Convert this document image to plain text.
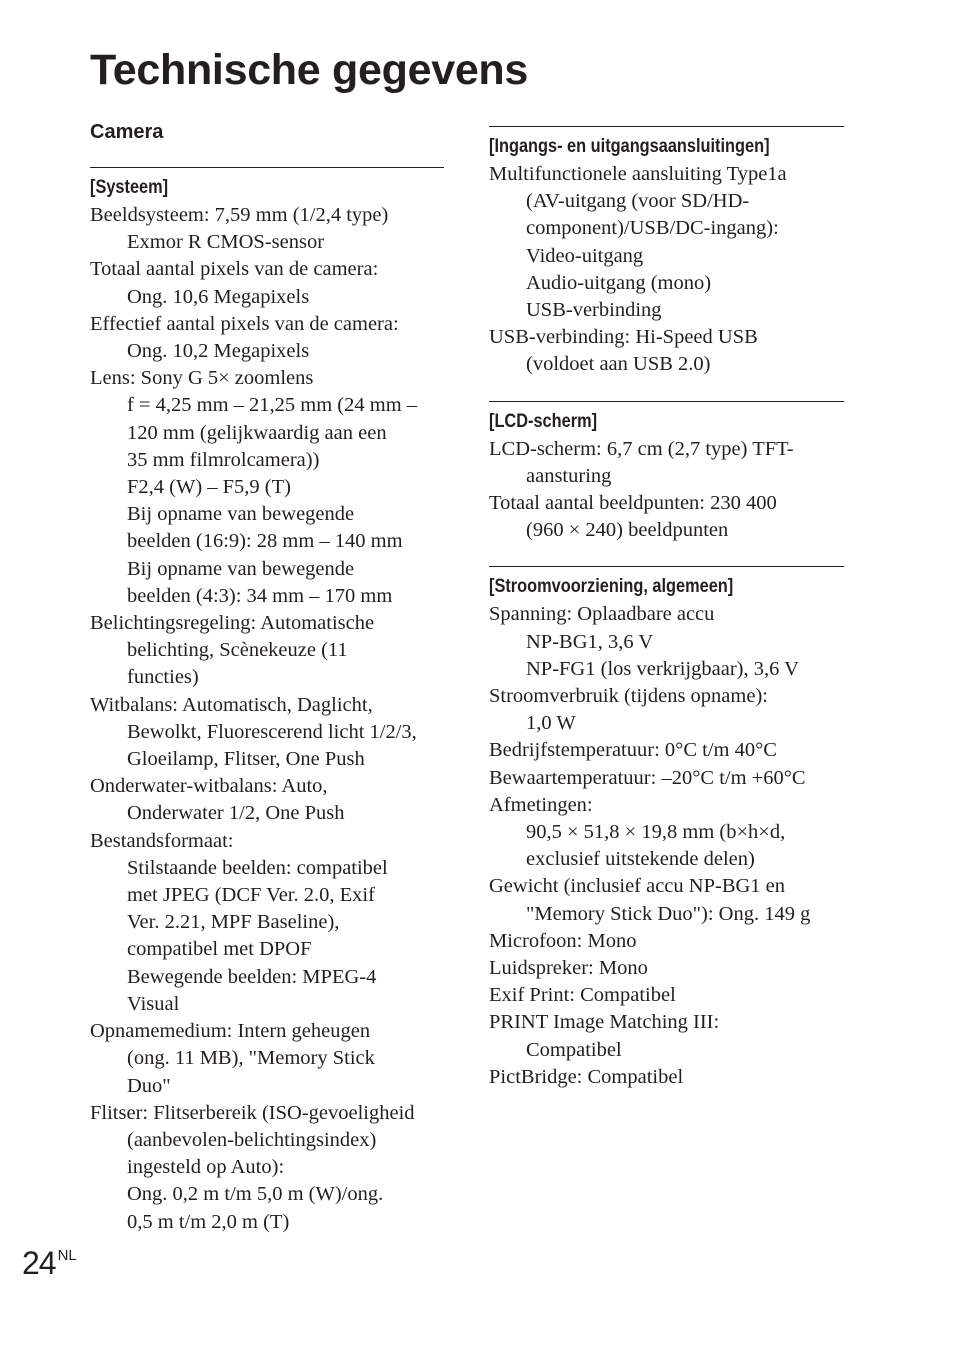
Technische gegevens
Camera
[Systeem]
Beeldsysteem: 7,59 mm (1/2,4 type)
Exmor R CMOS-sensor
Totaal aantal pixels van de camera:
Ong. 10,6 Megapixels
Effectief aantal pixels van de camera:
Ong. 10,2 Megapixels
Lens: Sony G 5× zoomlens
f = 4,25 mm – 21,25 mm (24 mm –
120 mm (gelijkwaardig aan een
35 mm filmrolcamera))
F2,4 (W) – F5,9 (T)
Bij opname van bewegende
beelden (16:9): 28 mm – 140 mm
Bij opname van bewegende
beelden (4:3): 34 mm – 170 mm
Belichtingsregeling: Automatische
belichting, Scènekeuze (11
functies)
Witbalans: Automatisch, Daglicht,
Bewolkt, Fluorescerend licht 1/2/3,
Gloeilamp, Flitser, One Push
Onderwater-witbalans: Auto,
Onderwater 1/2, One Push
Bestandsformaat:
Stilstaande beelden: compatibel
met JPEG (DCF Ver. 2.0, Exif
Ver. 2.21, MPF Baseline),
compatibel met DPOF
Bewegende beelden: MPEG-4
Visual
Opnamemedium: Intern geheugen
(ong. 11 MB), "Memory Stick
Duo"
Flitser: Flitserbereik (ISO-gevoeligheid
(aanbevolen-belichtingsindex)
ingesteld op Auto):
Ong. 0,2 m t/m 5,0 m (W)/ong.
0,5 m t/m 2,0 m (T)
[Ingangs- en uitgangsaansluitingen]
Multifunctionele aansluiting Type1a
(AV-uitgang (voor SD/HD-
component)/USB/DC-ingang):
Video-uitgang
Audio-uitgang (mono)
USB-verbinding
USB-verbinding: Hi-Speed USB
(voldoet aan USB 2.0)
[LCD-scherm]
LCD-scherm: 6,7 cm (2,7 type) TFT-
aansturing
Totaal aantal beeldpunten: 230 400
(960 × 240) beeldpunten
[Stroomvoorziening, algemeen]
Spanning: Oplaadbare accu
NP-BG1, 3,6 V
NP-FG1 (los verkrijgbaar), 3,6 V
Stroomverbruik (tijdens opname):
1,0 W
Bedrijfstemperatuur: 0°C t/m 40°C
Bewaartemperatuur: –20°C t/m +60°C
Afmetingen:
90,5 × 51,8 × 19,8 mm (b×h×d,
exclusief uitstekende delen)
Gewicht (inclusief accu NP-BG1 en
"Memory Stick Duo"): Ong. 149 g
Microfoon: Mono
Luidspreker: Mono
Exif Print: Compatibel
PRINT Image Matching III:
Compatibel
PictBridge: Compatibel
24 $^{NL}$
